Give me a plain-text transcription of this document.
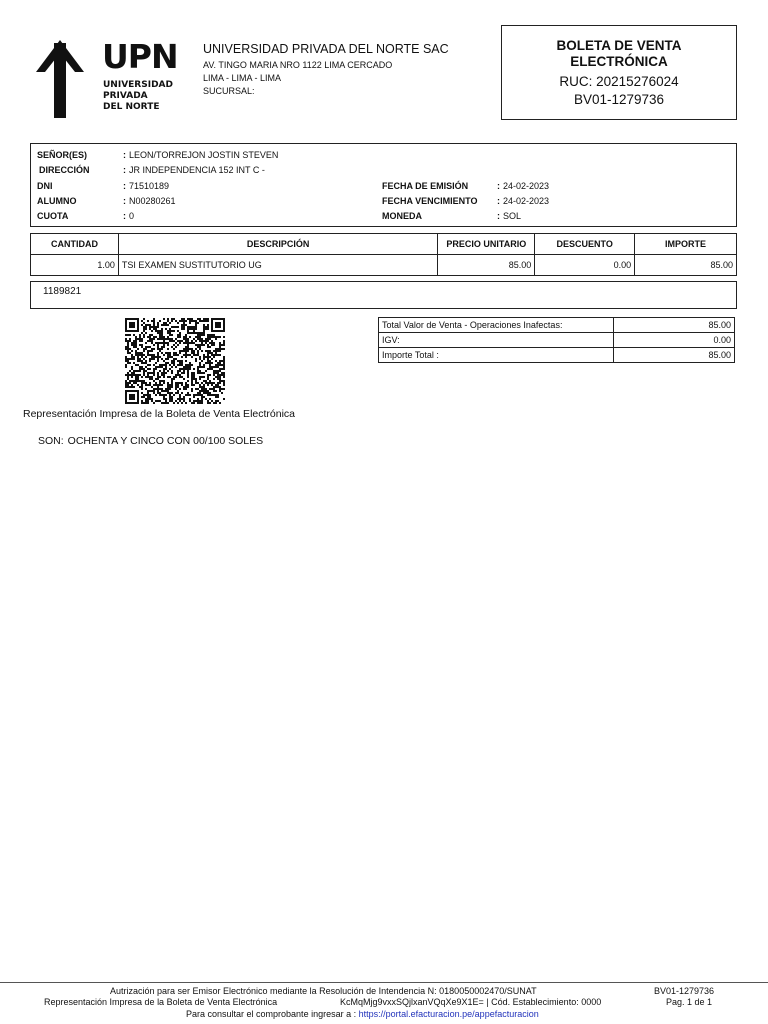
UPN
UNIVERSIDAD
PRIVADA
DEL NORTE
UNIVERSIDAD PRIVADA DEL NORTE SAC
AV. TINGO MARIA NRO 1122 LIMA CERCADO
LIMA - LIMA - LIMA
SUCURSAL:
BOLETA DE VENTA
ELECTRÓNICA
RUC: 20215276024
BV01-1279736
SEÑOR(ES)	: LEON/TORREJON JOSTIN STEVEN
DIRECCIÓN	: JR INDEPENDENCIA 152 INT C -
DNI	: 71510189	FECHA DE EMISIÓN	: 24-02-2023
ALUMNO	: N00280261	FECHA VENCIMIENTO : 24-02-2023
CUOTA	: 0	MONEDA	: SOL
CANTIDAD	DESCRIPCIÓN	PRECIO UNITARIO	DESCUENTO	IMPORTE
1.00	TSI EXAMEN SUSTITUTORIO UG	85.00	0.00	85.00
1189821
Total Valor de Venta - Operaciones Inafectas:	85.00
IGV:	0.00
Importe Total :	85.00
Representación Impresa de la Boleta de Venta Electrónica
SON: OCHENTA Y CINCO CON 00/100 SOLES
Autrización para ser Emisor Electrónico mediante la Resolución de Intendencia N: 0180050002470/SUNAT
Representación Impresa de la Boleta de Venta Electrónica	KcMqMjg9vxxSQjlxanVQqXe9X1E= | Cód. Establecimiento: 0000
Para consultar el comprobante ingresar a : https://portal.efacturacion.pe/appefacturacion
BV01-1279736
Pag. 1 de 1
